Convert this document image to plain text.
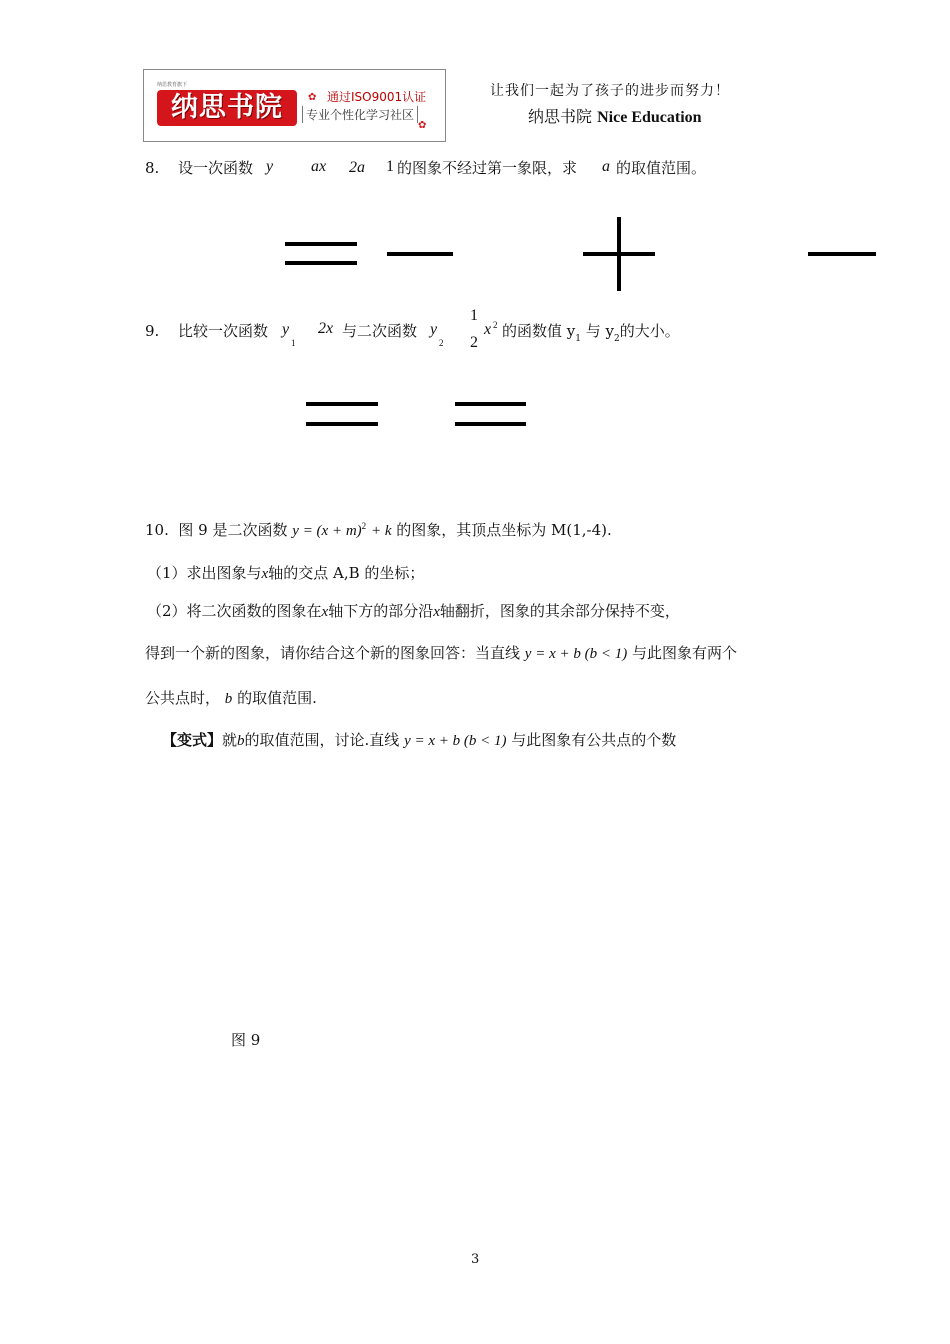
纳思教育旗下
纳思书院	✿ 通过ISO9001认证
专业个性化学习社区
✿
让我们一起为了孩子的进步而努力！
纳思书院 Nice Education
8. 设一次函数 y ax 2a 1 的图象不经过第一象限，求 a 的取值范围。
9. 比较一次函数 y
1
2x 与二次函数 y
2
1
2
x 2 的函数值 $y_1$ 与 $y_2$的大小。
10. 图 9 是二次函数 $y = (x + m)^2 + k$ 的图象，其顶点坐标为 M(1,-4).
（1）求出图象与x轴的交点 A,B 的坐标；
（2）将二次函数的图象在x轴下方的部分沿x轴翻折，图象的其余部分保持不变，
得到一个新的图象，请你结合这个新的图象回答：当直线 y = x + b (b < 1) 与此图象有两个
公共点时， b 的取值范围.
【变式】就b的取值范围，讨论.直线 y = x + b (b < 1) 与此图象有公共点的个数
图 9
3
